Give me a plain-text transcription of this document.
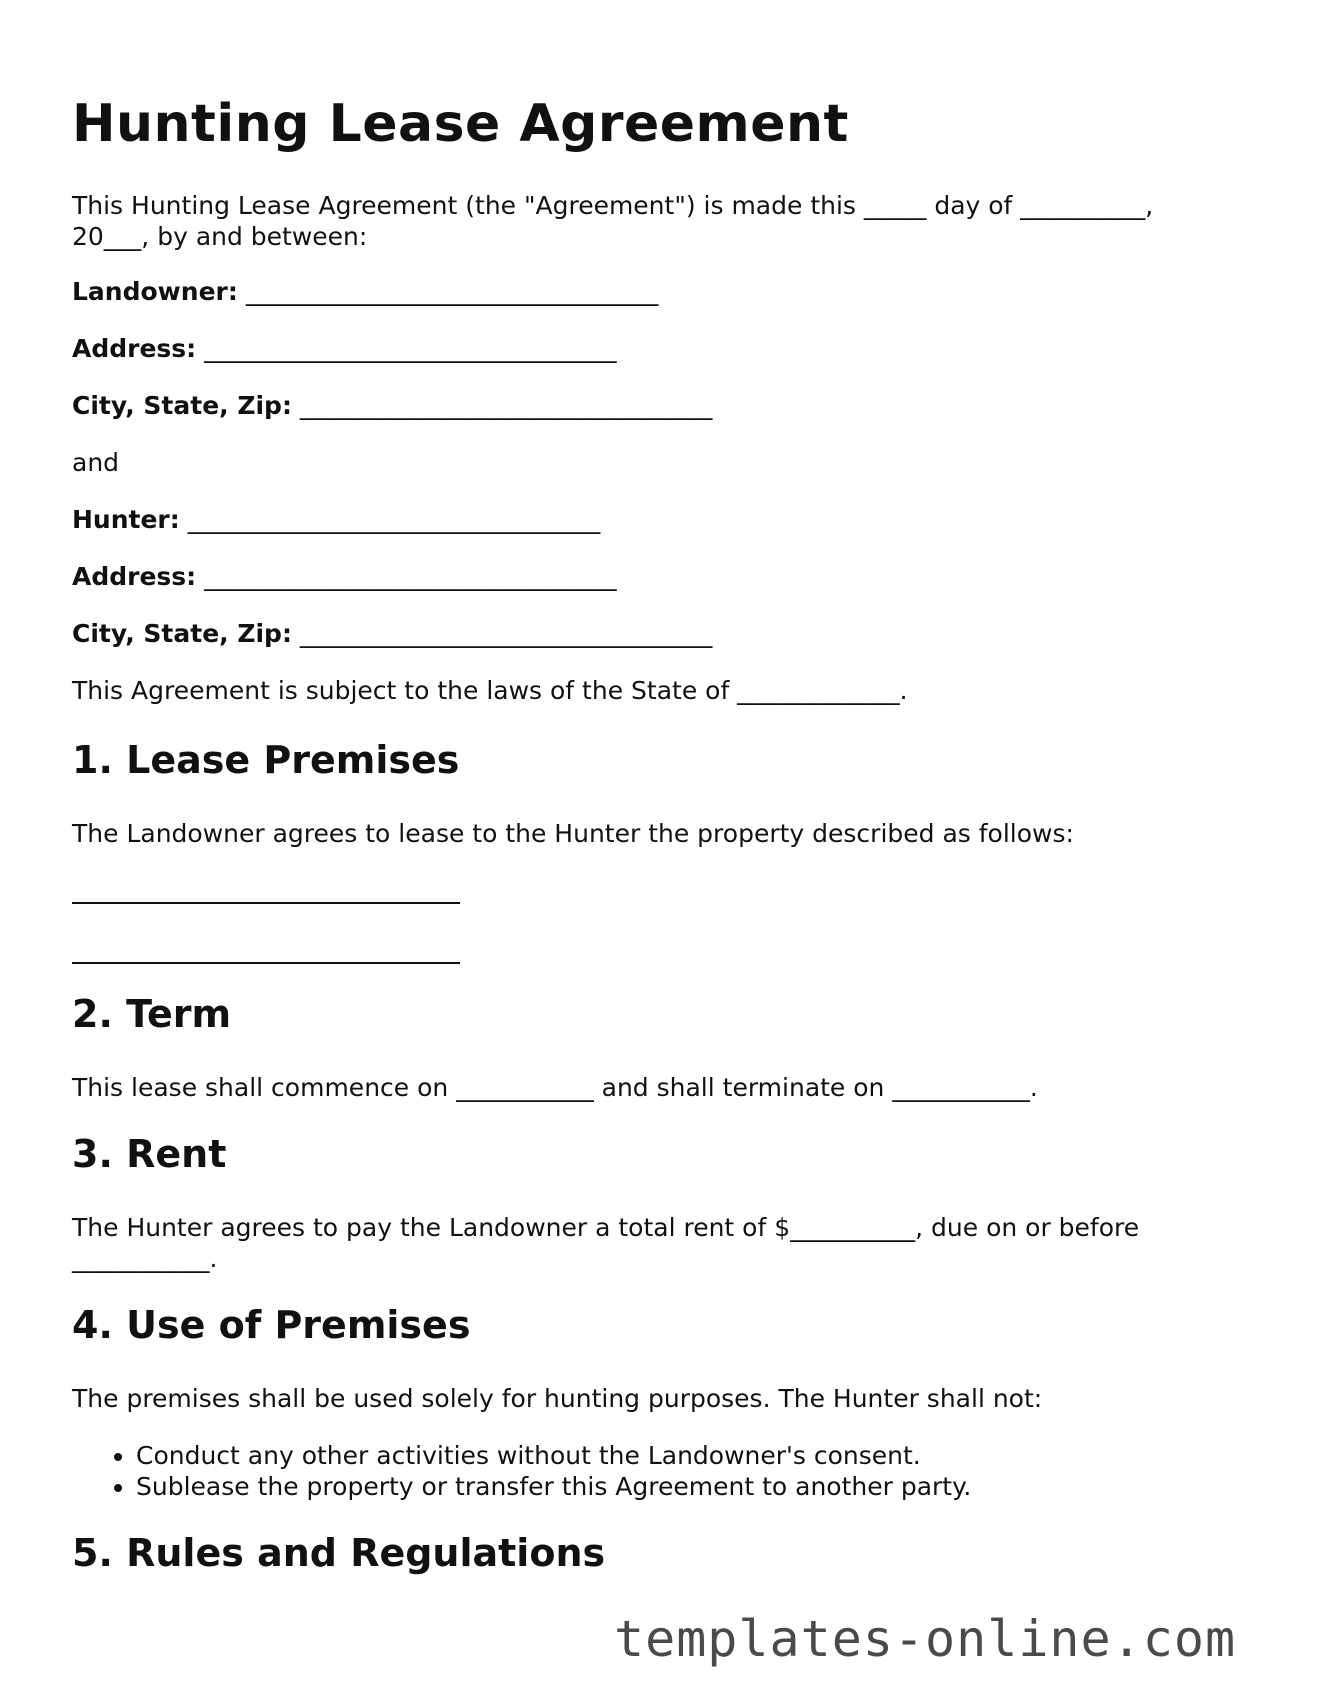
Hunting Lease Agreement

This Hunting Lease Agreement (the "Agreement") is made this _____ day of __________,
20___, by and between:

Landowner: _________________________________

Address: _________________________________

City, State, Zip: _________________________________

and

Hunter: _________________________________

Address: _________________________________

City, State, Zip: _________________________________

This Agreement is subject to the laws of the State of _____________.

1. Lease Premises

The Landowner agrees to lease to the Hunter the property described as follows:

2. Term

This lease shall commence on ___________ and shall terminate on ___________.

3. Rent

The Hunter agrees to pay the Landowner a total rent of $__________, due on or before
___________.

4. Use of Premises

The premises shall be used solely for hunting purposes. The Hunter shall not:

• Conduct any other activities without the Landowner's consent.
• Sublease the property or transfer this Agreement to another party.
5. Rules and Regulations
templates-online.com
